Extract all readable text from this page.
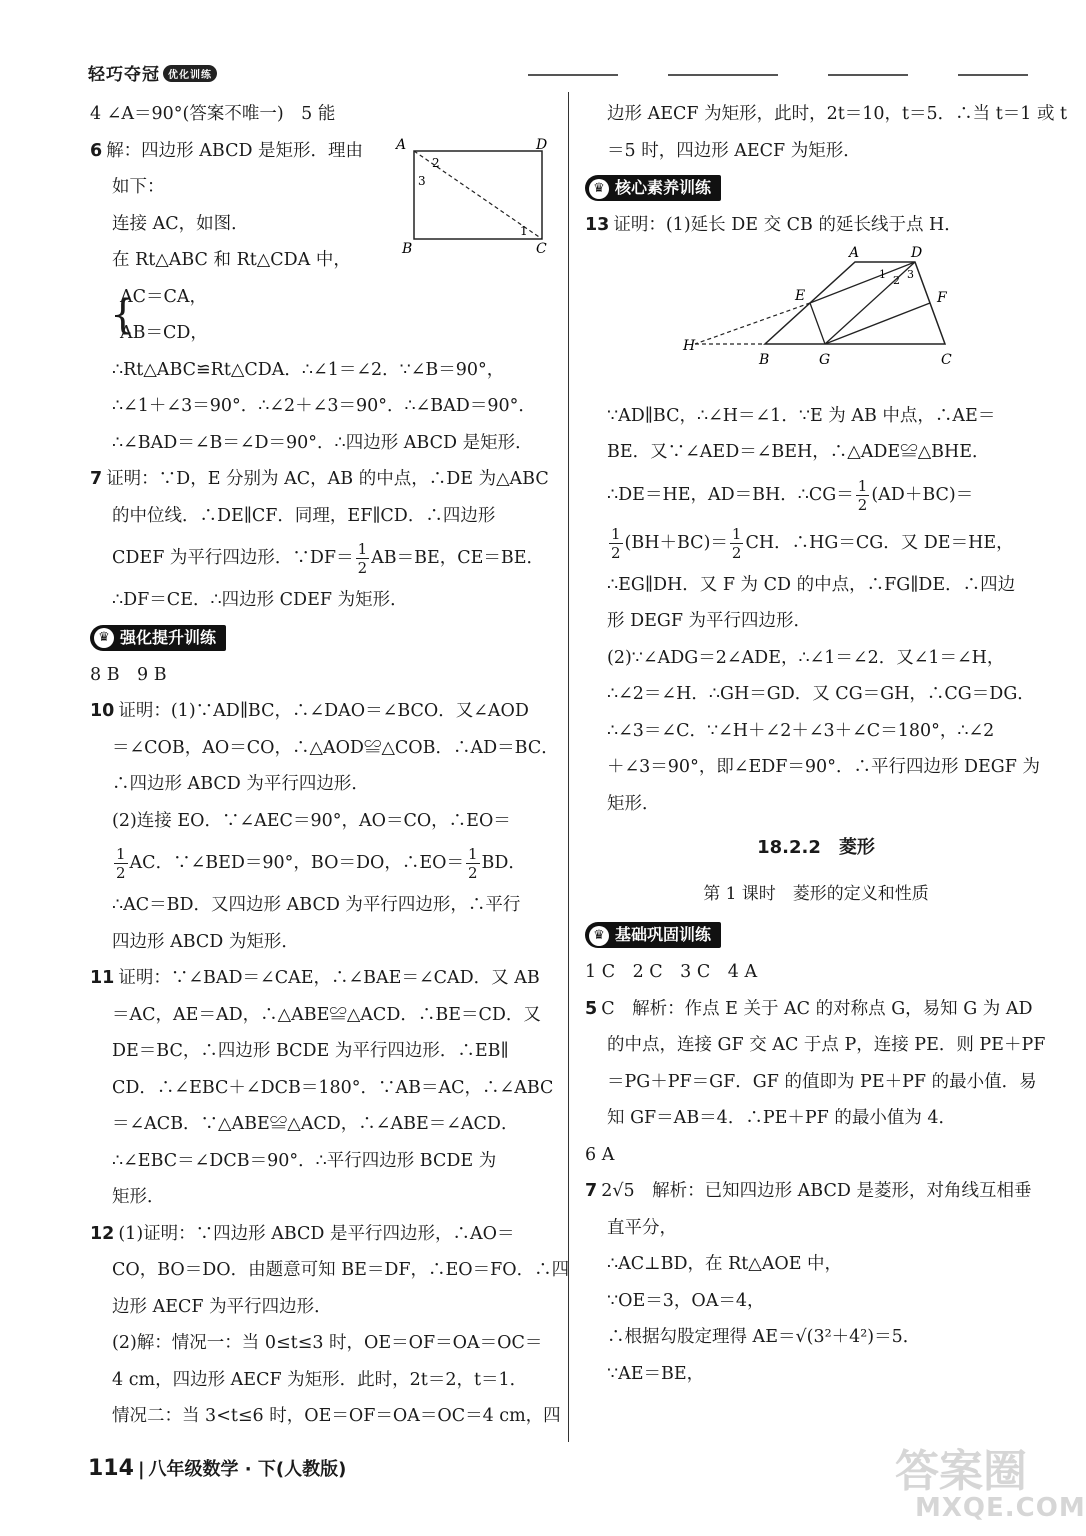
轻巧夺冠 优化训练

4 ∠A＝90°(答案不唯一)　5 能

A	D
B	C
2
3
1

6 解：四边形 ABCD 是矩形．理由

如下：

连接 AC，如图．

在 Rt△ABC 和 Rt△CDA 中，

{

AC＝CA，

AB＝CD，

∴Rt△ABC≌Rt△CDA．∴∠1＝∠2．∵∠B＝90°，

∴∠1＋∠3＝90°．∴∠2＋∠3＝90°．∴∠BAD＝90°．

∴∠BAD＝∠B＝∠D＝90°．∴四边形 ABCD 是矩形．

7 证明：∵D，E 分别为 AC，AB 的中点，∴DE 为△ABC

的中位线．∴DE∥CF．同理，EF∥CD．∴四边形

CDEF 为平行四边形．∵DF＝ $\frac{1}{2} AB=BE$，CE＝BE．

∴DF＝CE．∴四边形 CDEF 为矩形．

♛ 强化提升训练

8 B　9 B

10 证明：(1)∵AD∥BC，∴∠DAO＝∠BCO．又∠AOD

＝∠COB，AO＝CO，∴△AOD≌△COB．∴AD＝BC．

∴四边形 ABCD 为平行四边形．

(2)连接 EO．∵∠AEC＝90°，AO＝CO，∴EO＝

$\frac{1}{2}$ AC．∵∠BED＝90°，BO＝DO，∴EO＝ $\frac{1}{2}$ BD．

∴AC＝BD．又四边形 ABCD 为平行四边形，∴平行

四边形 ABCD 为矩形．

11 证明：∵∠BAD＝∠CAE，∴∠BAE＝∠CAD．又 AB

＝AC，AE＝AD，∴△ABE≌△ACD．∴BE＝CD．又

DE＝BC，∴四边形 BCDE 为平行四边形．∴EB∥

CD．∴∠EBC＋∠DCB＝180°．∵AB＝AC，∴∠ABC

＝∠ACB．∵△ABE≌△ACD，∴∠ABE＝∠ACD．

∴∠EBC＝∠DCB＝90°．∴平行四边形 BCDE 为

矩形．

12 (1)证明：∵四边形 ABCD 是平行四边形，∴AO＝

CO，BO＝DO．由题意可知 BE＝DF，∴EO＝FO．∴四

边形 AECF 为平行四边形．

(2)解：情况一：当 0≤t≤3 时，OE＝OF＝OA＝OC＝

4 cm，四边形 AECF 为矩形．此时，2t＝2，t＝1．

情况二：当 3<t≤6 时，OE＝OF＝OA＝OC＝4 cm，四

边形 AECF 为矩形，此时，2t＝10，t＝5．∴当 t＝1 或 t

＝5 时，四边形 AECF 为矩形．

♛ 核心素养训练

13 证明：(1)延长 DE 交 CB 的延长线于点 H．

A	D
E	F
H
B	G	C
1 2 3

∵AD∥BC，∴∠H＝∠1．∵E 为 AB 中点，∴AE＝

BE．又∵∠AED＝∠BEH，∴△ADE≌△BHE．

∴DE＝HE，AD＝BH．∴CG＝ $\frac{1}{2} (AD+BC)=$

$\frac{1}{2} (BH+BC)= \frac{1}{2}$ CH．∴HG＝CG．又 DE＝HE，

∴EG∥DH．又 F 为 CD 的中点，∴FG∥DE．∴四边

形 DEGF 为平行四边形．

(2)∵∠ADG＝2∠ADE，∴∠1＝∠2．又∠1＝∠H，

∴∠2＝∠H．∴GH＝GD．又 CG＝GH，∴CG＝DG．

∴∠3＝∠C．∵∠H＋∠2＋∠3＋∠C＝180°，∴∠2

＋∠3＝90°，即∠EDF＝90°．∴平行四边形 DEGF 为

矩形．

18.2.2　菱形
第 1 课时　菱形的定义和性质
♛ 基础巩固训练

1 C　2 C　3 C　4 A

5 C　解析：作点 E 关于 AC 的对称点 G，易知 G 为 AD

的中点，连接 GF 交 AC 于点 P，连接 PE．则 PE＋PF

＝PG＋PF＝GF．GF 的值即为 PE＋PF 的最小值．易

知 GF＝AB＝4．∴PE＋PF 的最小值为 4．

6 A

7 2√5　解析：已知四边形 ABCD 是菱形，对角线互相垂

直平分，

∴AC⊥BD，在 Rt△AOE 中，

∵OE＝3，OA＝4，

∴根据勾股定理得 AE＝√(3²＋4²)＝5．

∵AE＝BE，

114 | 八年级数学 · 下(人教版)	答案圈
MXQE.COM
